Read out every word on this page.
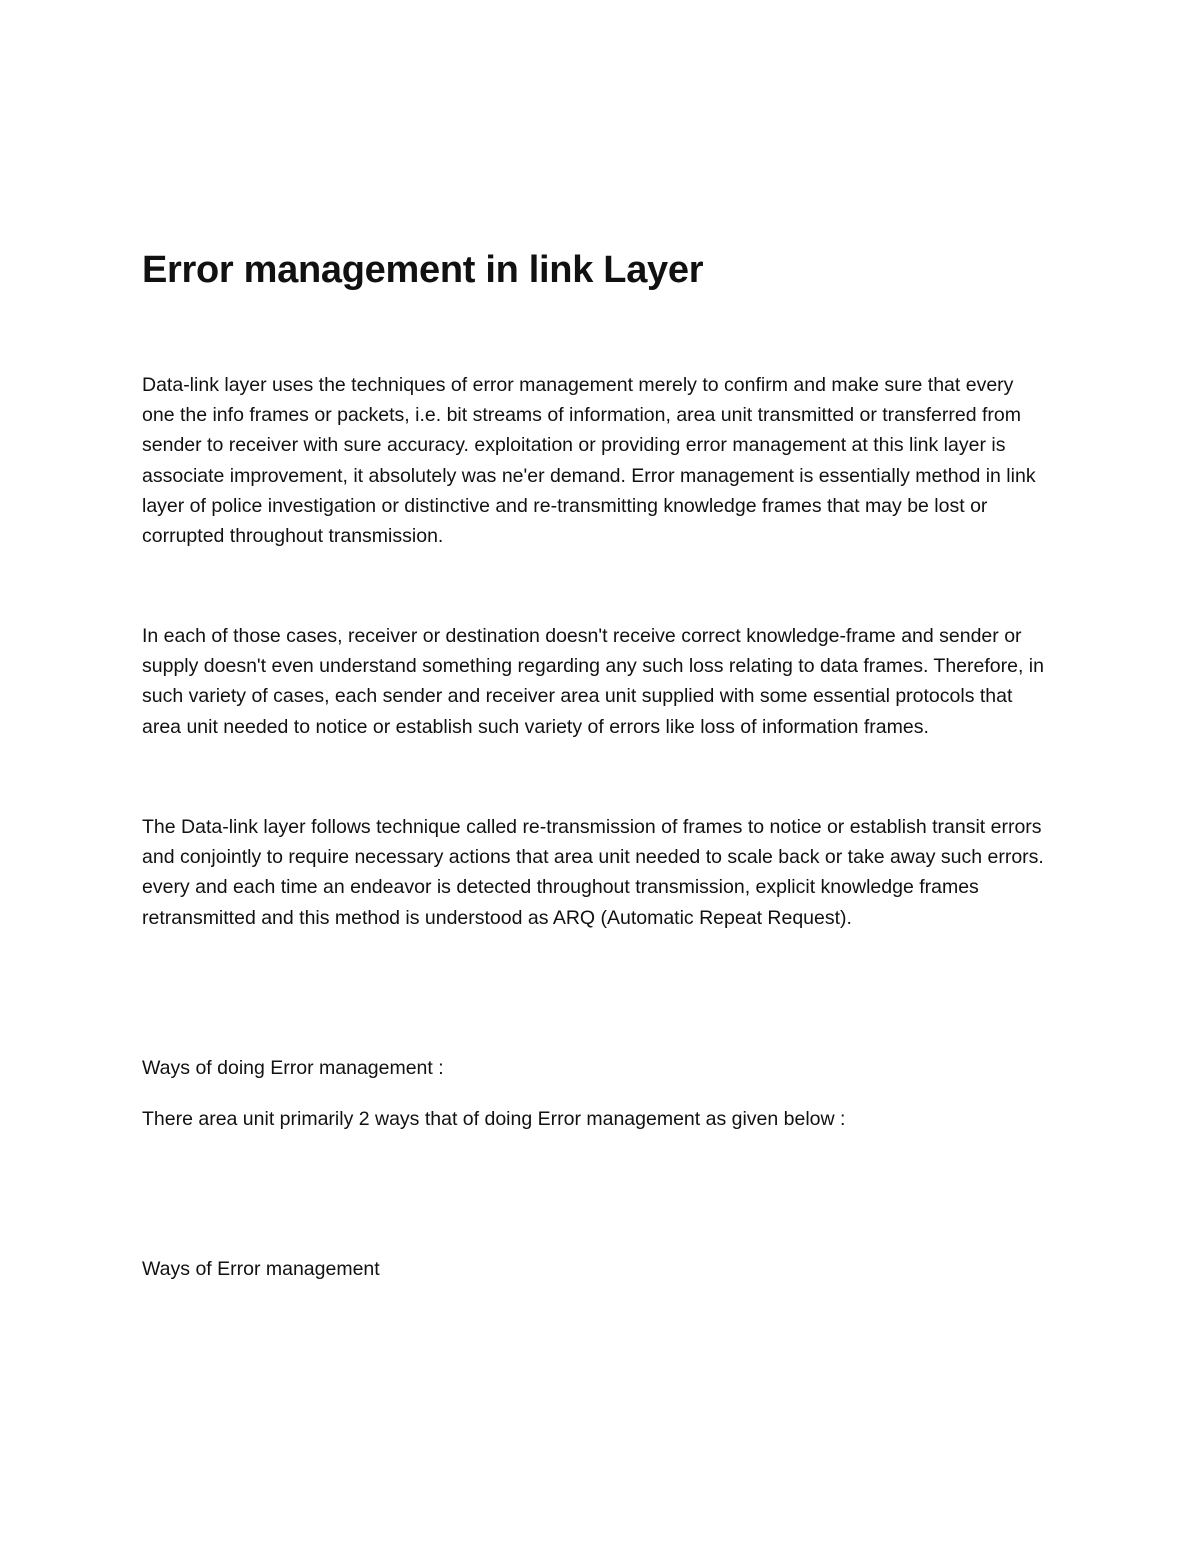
Error management in link Layer
Data-link layer uses the techniques of error management merely to confirm and make sure that every
one the info frames or packets, i.e. bit streams of information, area unit transmitted or transferred from
sender to receiver with sure accuracy. exploitation or providing error management at this link layer is
associate improvement, it absolutely was ne'er demand. Error management is essentially method in link
layer of police investigation or distinctive and re-transmitting knowledge frames that may be lost or
corrupted throughout transmission.
In each of those cases, receiver or destination doesn't receive correct knowledge-frame and sender or
supply doesn't even understand something regarding any such loss relating to data frames. Therefore, in
such variety of cases, each sender and receiver area unit supplied with some essential protocols that
area unit needed to notice or establish such variety of errors like loss of information frames.
The Data-link layer follows technique called re-transmission of frames to notice or establish transit errors
and conjointly to require necessary actions that area unit needed to scale back or take away such errors.
every and each time an endeavor is detected throughout transmission, explicit knowledge frames
retransmitted and this method is understood as ARQ (Automatic Repeat Request).
Ways of doing Error management :
There area unit primarily 2 ways that of doing Error management as given below :
Ways of Error management
